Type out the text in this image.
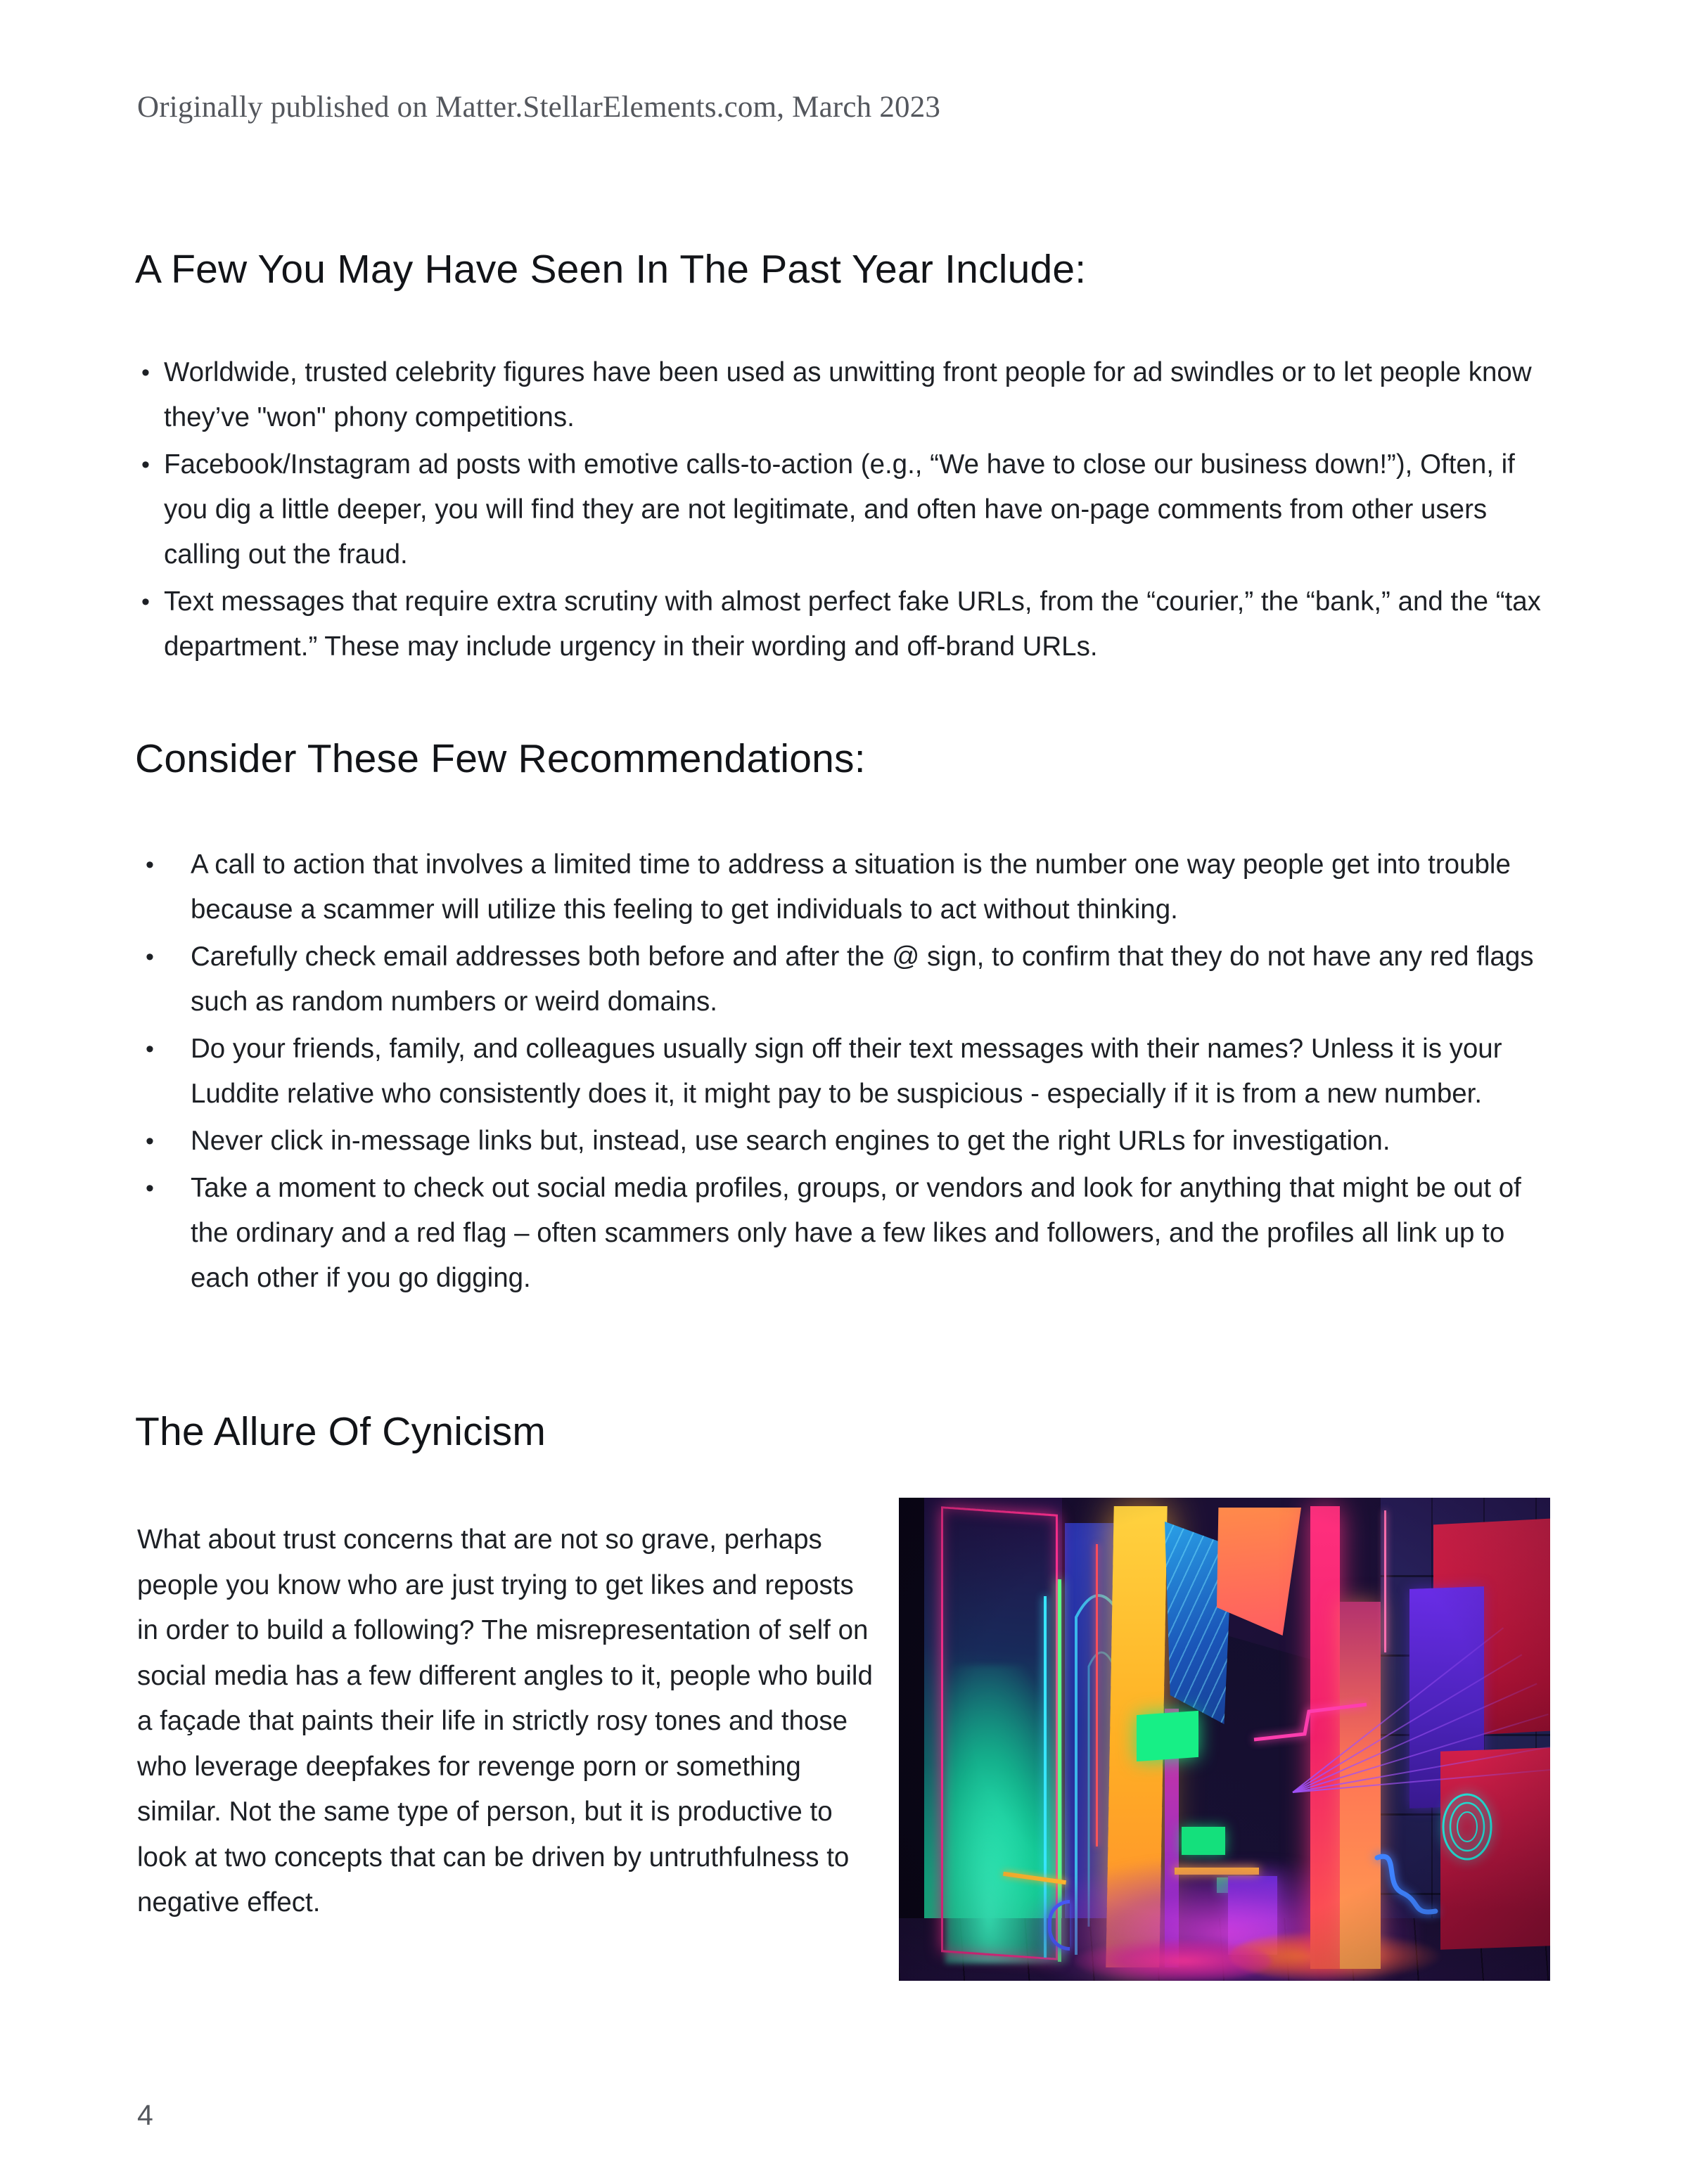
Originally published on Matter.StellarElements.com, March 2023
A Few You May Have Seen In The Past Year Include:
• Worldwide, trusted celebrity figures have been used as unwitting front people for ad swindles or to let people know they’ve "won" phony competitions.
• Facebook/Instagram ad posts with emotive calls-to-action (e.g., “We have to close our business down!”), Often, if you dig a little deeper, you will find they are not legitimate, and often have on-page comments from other users calling out the fraud.
• Text messages that require extra scrutiny with almost perfect fake URLs, from the “courier,” the “bank,” and the “tax department.” These may include urgency in their wording and off-brand URLs.
Consider These Few Recommendations:
• A call to action that involves a limited time to address a situation is the number one way people get into trouble because a scammer will utilize this feeling to get individuals to act without thinking.
• Carefully check email addresses both before and after the @ sign, to confirm that they do not have any red flags such as random numbers or weird domains.
• Do your friends, family, and colleagues usually sign off their text messages with their names? Unless it is your Luddite relative who consistently does it, it might pay to be suspicious - especially if it is from a new number.
• Never click in-message links but, instead, use search engines to get the right URLs for investigation.
• Take a moment to check out social media profiles, groups, or vendors and look for anything that might be out of the ordinary and a red flag – often scammers only have a few likes and followers, and the profiles all link up to each other if you go digging.
The Allure Of Cynicism
What about trust concerns that are not so grave, perhaps people you know who are just trying to get likes and reposts in order to build a following? The misrepresentation of self on social media has a few different angles to it, people who build a façade that paints their life in strictly rosy tones and those who leverage deepfakes for revenge porn or something similar. Not the same type of person, but it is productive to look at two concepts that can be driven by untruthfulness to negative effect.
4
